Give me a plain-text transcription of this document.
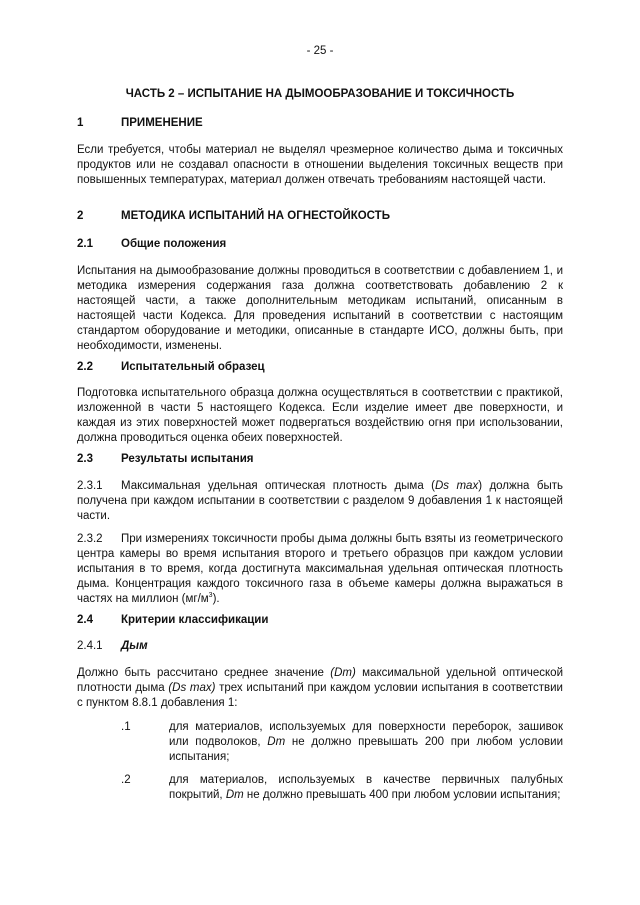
- 25 -
ЧАСТЬ 2 – ИСПЫТАНИЕ НА ДЫМООБРАЗОВАНИЕ И ТОКСИЧНОСТЬ
1	ПРИМЕНЕНИЕ
Если требуется, чтобы материал не выделял чрезмерное количество дыма и токсичных продуктов или не создавал опасности в отношении выделения токсичных веществ при повышенных температурах, материал должен отвечать требованиям настоящей части.
2	МЕТОДИКА ИСПЫТАНИЙ НА ОГНЕСТОЙКОСТЬ
2.1 Общие положения
Испытания на дымообразование должны проводиться в соответствии с добавлением 1, и методика измерения содержания газа должна соответствовать добавлению 2 к настоящей части, а также дополнительным методикам испытаний, описанным в настоящей части Кодекса. Для проведения испытаний в соответствии с настоящим стандартом оборудование и методики, описанные в стандарте ИСО, должны быть, при необходимости, изменены.
2.2 Испытательный образец
Подготовка испытательного образца должна осуществляться в соответствии с практикой, изложенной в части 5 настоящего Кодекса. Если изделие имеет две поверхности, и каждая из этих поверхностей может подвергаться воздействию огня при использовании, должна проводиться оценка обеих поверхностей.
2.3 Результаты испытания
2.3.1 Максимальная удельная оптическая плотность дыма (Ds max) должна быть получена при каждом испытании в соответствии с разделом 9 добавления 1 к настоящей части.
2.3.2 При измерениях токсичности пробы дыма должны быть взяты из геометрического центра камеры во время испытания второго и третьего образцов при каждом условии испытания в то время, когда достигнута максимальная удельная оптическая плотность дыма. Концентрация каждого токсичного газа в объеме камеры должна выражаться в частях на миллион $(мг/м^3)$.
2.4 Критерии классификации
2.4.1 Дым
Должно быть рассчитано среднее значение (Dm) максимальной удельной оптической плотности дыма (Ds max) трех испытаний при каждом условии испытания в соответствии с пунктом 8.8.1 добавления 1:
.1	для материалов, используемых для поверхности переборок, зашивок или подволоков, Dm не должно превышать 200 при любом условии испытания;
.2	для материалов, используемых в качестве первичных палубных покрытий, Dm не должно превышать 400 при любом условии испытания;
